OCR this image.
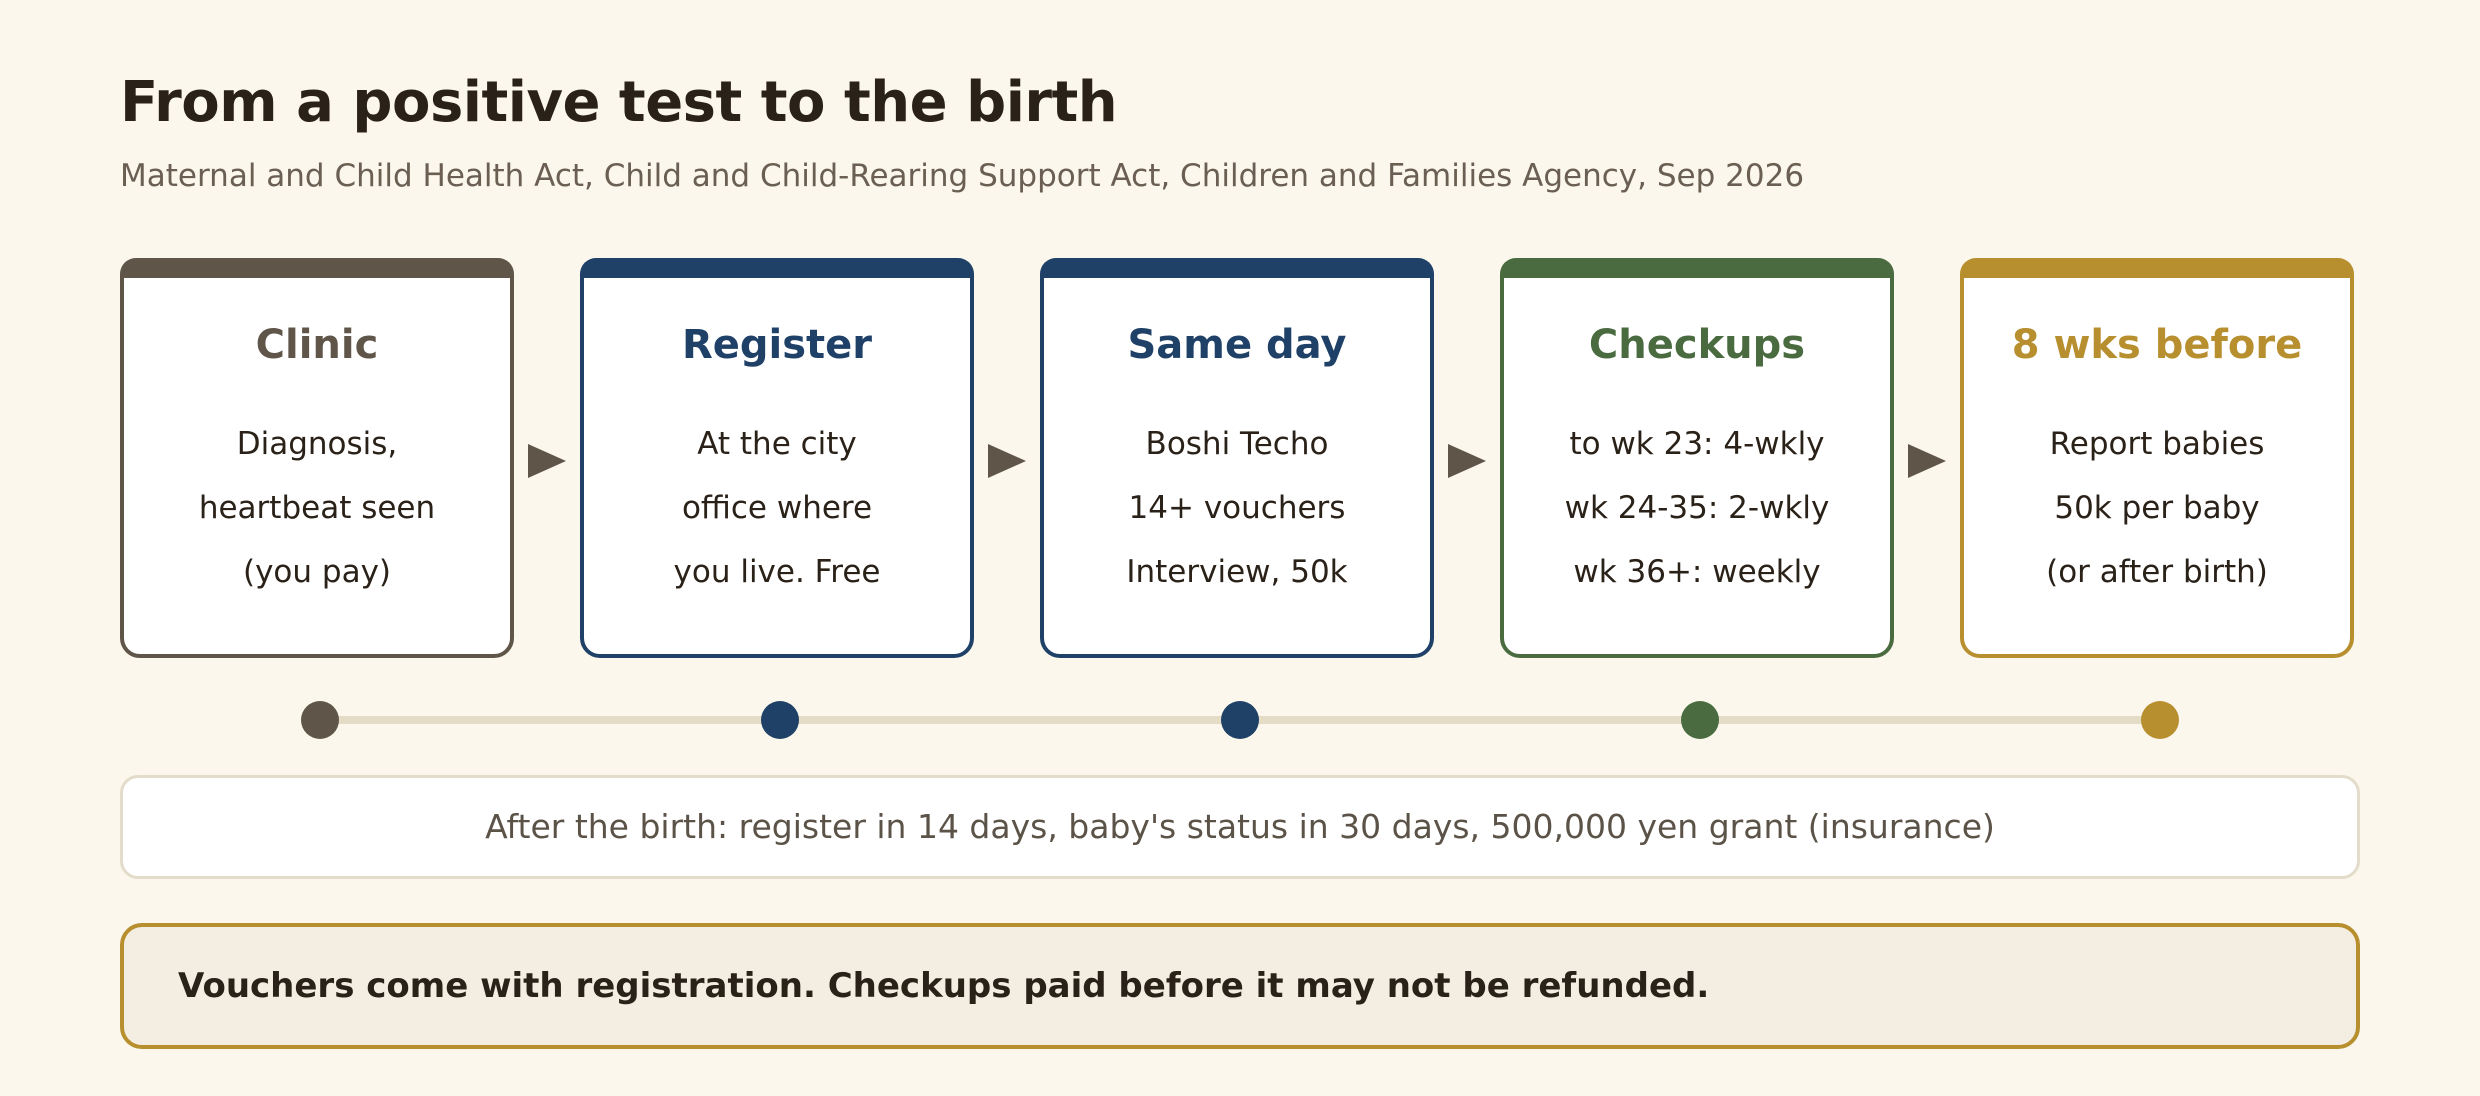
From a positive test to the birth

Maternal and Child Health Act, Child and Child-Rearing Support Act, Children and Families Agency, Sep 2026

Clinic
Diagnosis,
heartbeat seen
(you pay)
Register
At the city
office where
you live. Free
Same day
Boshi Techo
14+ vouchers
Interview, 50k
Checkups
to wk 23: 4-wkly
wk 24-35: 2-wkly
wk 36+: weekly
8 wks before
Report babies
50k per baby
(or after birth)
After the birth: register in 14 days, baby's status in 30 days, 500,000 yen grant (insurance)
Vouchers come with registration. Checkups paid before it may not be refunded.
